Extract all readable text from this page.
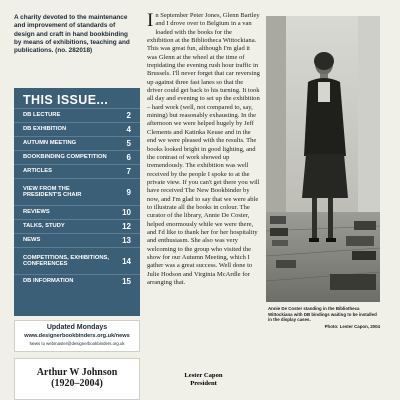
A charity devoted to the maintenance and improvement of standards of design and craft in hand bookbinding by means of exhibitions, teaching and publications. (no. 282018)
THIS ISSUE...
DB LECTURE	2
DB EXHIBITION	4
AUTUMN MEETING	5
BOOKBINDING COMPETITION 6
ARTICLES	7
VIEW FROM THE PRESIDENT'S CHAIR	9
REVIEWS	10
TALKS, STUDY	12
NEWS	13
COMPETITIONS, EXHIBITIONS, CONFERENCES	14
DB INFORMATION	15
Updated Mondays
www.designerbookbinders.org.uk/news
News to webmaster@designerbookbinders.org.uk
Arthur W Johnson
(1920–2004)
In September Peter Jones, Glenn Bartley and I drove over to Belgium in a van loaded with the books for the exhibition at the Bibliotheca Wittockiana. This was great fun, although I'm glad it was Glenn at the wheel at the time of trepidating the evening rush hour traffic in Brussels. I'll never forget that car reversing up against three fast lanes so that the driver could get back to his turning. It took all day and evening to set up the exhibition – hard work (well, not compared to, say, mining) but reasonably exhausting. In the afternoon we were helped hugely by Jeff Clements and Katinka Keuse and in the end we were pleased with the results. The books looked bright in good lighting, and the contrast of work showed up tremendously. The exhibition was well received by the people I spoke to at the private view. If you can't get there you will have received The New Bookbinder by now, and I'm glad to say that we were able to illustrate all the books in colour. The curator of the library, Annie De Coster, helped enormously while we were there, and I'd like to thank her for her hospitality and enthusiasm. She also was very welcoming to the group who visited the show for our Autumn Meeting, which I gather was a great success. Well done to Julie Hodson and Virginia McArdle for arranging that.
Lester Capon
President
Annie De Coster standing in the Bibliotheca Wittockiana with DB bindings waiting to be installed in the display cases.
Photo: Lester Capon, 2004
